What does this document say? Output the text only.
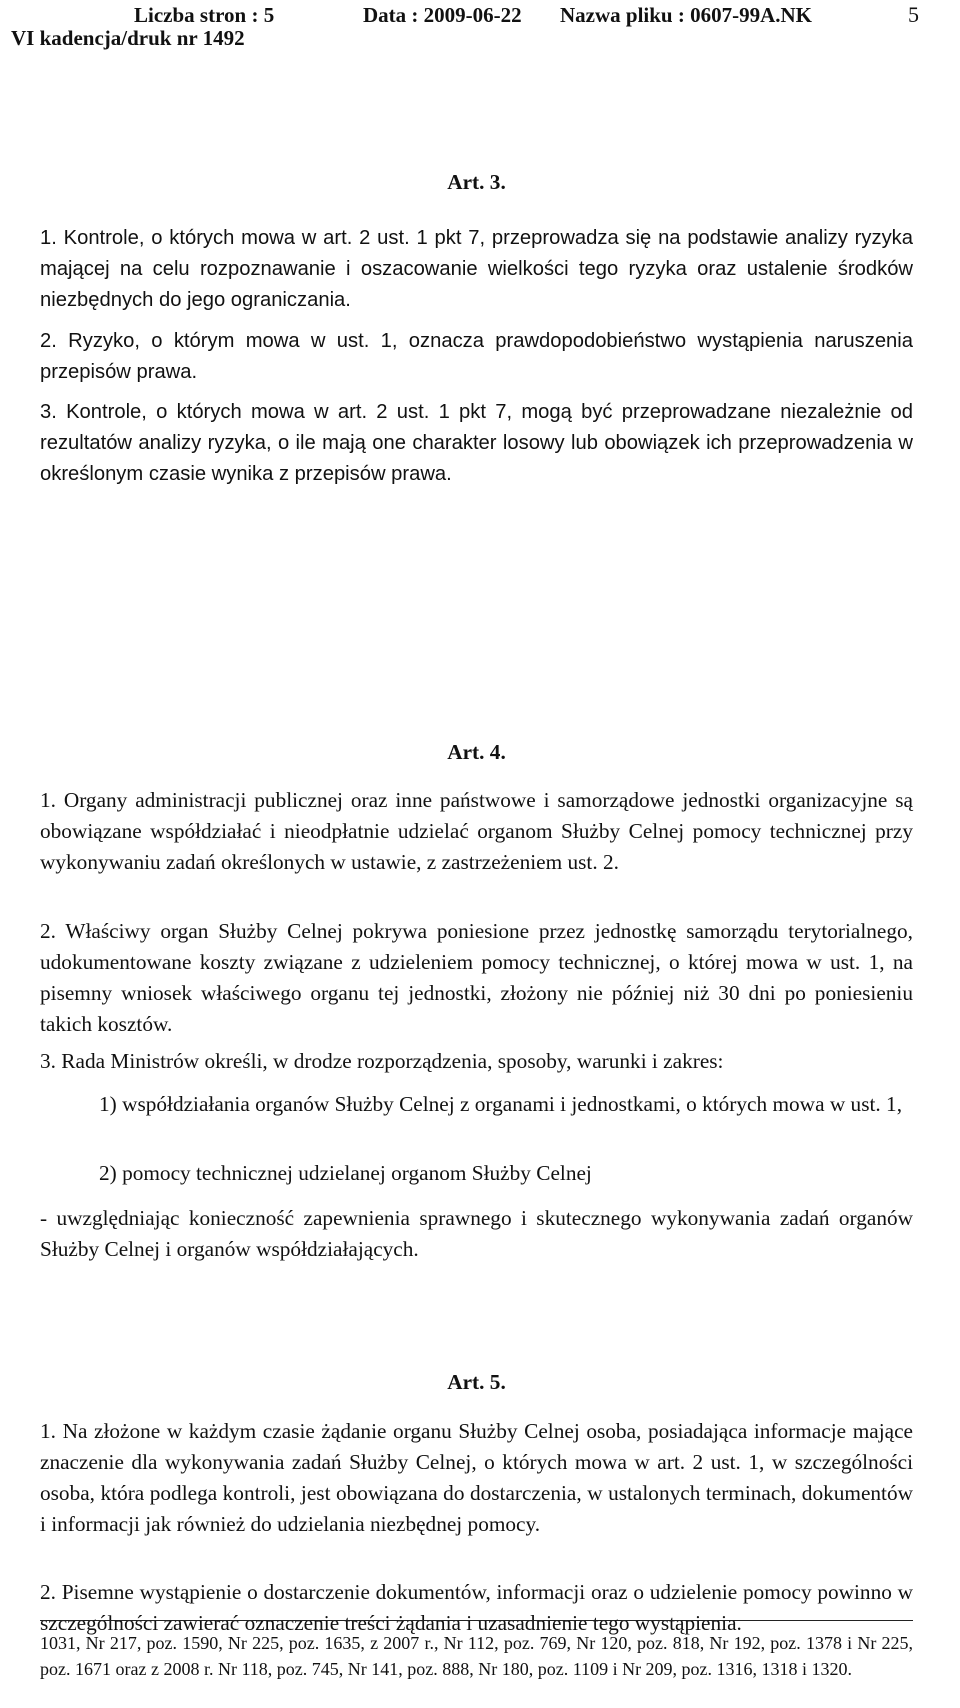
Liczba stron : 5	Data : 2009-06-22 Nazwa pliku : 0607-99A.NK	5
VI kadencja/druk nr 1492

Art. 3.

1. Kontrole, o których mowa w art. 2 ust. 1 pkt 7, przeprowadza się na podstawie analizy ryzyka mającej na celu rozpoznawanie i oszacowanie wielkości tego ryzyka oraz ustalenie środków niezbędnych do jego ograniczania.

2. Ryzyko, o którym mowa w ust. 1, oznacza prawdopodobieństwo wystąpienia naruszenia przepisów prawa.

3. Kontrole, o których mowa w art. 2 ust. 1 pkt 7, mogą być przeprowadzane niezależnie od rezultatów analizy ryzyka, o ile mają one charakter losowy lub obowiązek ich przeprowadzenia w określonym czasie wynika z przepisów prawa.

Art. 4.

1. Organy administracji publicznej oraz inne państwowe i samorządowe jednostki organizacyjne są obowiązane współdziałać i nieodpłatnie udzielać organom Służby Celnej pomocy technicznej przy wykonywaniu zadań określonych w ustawie, z zastrzeżeniem ust. 2.

2. Właściwy organ Służby Celnej pokrywa poniesione przez jednostkę samorządu terytorialnego, udokumentowane koszty związane z udzieleniem pomocy technicznej, o której mowa w ust. 1, na pisemny wniosek właściwego organu tej jednostki, złożony nie później niż 30 dni po poniesieniu takich kosztów.

3. Rada Ministrów określi, w drodze rozporządzenia, sposoby, warunki i zakres:

1) współdziałania organów Służby Celnej z organami i jednostkami, o których mowa w ust. 1,

2) pomocy technicznej udzielanej organom Służby Celnej

- uwzględniając konieczność zapewnienia sprawnego i skutecznego wykonywania zadań organów Służby Celnej i organów współdziałających.

Art. 5.

1. Na złożone w każdym czasie żądanie organu Służby Celnej osoba, posiadająca informacje mające znaczenie dla wykonywania zadań Służby Celnej, o których mowa w art. 2 ust. 1, w szczególności osoba, która podlega kontroli, jest obowiązana do dostarczenia, w ustalonych terminach, dokumentów i informacji jak również do udzielania niezbędnej pomocy.

2. Pisemne wystąpienie o dostarczenie dokumentów, informacji oraz o udzielenie pomocy powinno w szczególności zawierać oznaczenie treści żądania i uzasadnienie tego wystąpienia.

1031, Nr 217, poz. 1590, Nr 225, poz. 1635, z 2007 r., Nr 112, poz. 769, Nr 120, poz. 818, Nr 192, poz. 1378 i Nr 225, poz. 1671 oraz z 2008 r. Nr 118, poz. 745, Nr 141, poz. 888, Nr 180, poz. 1109 i Nr 209, poz. 1316, 1318 i 1320.
